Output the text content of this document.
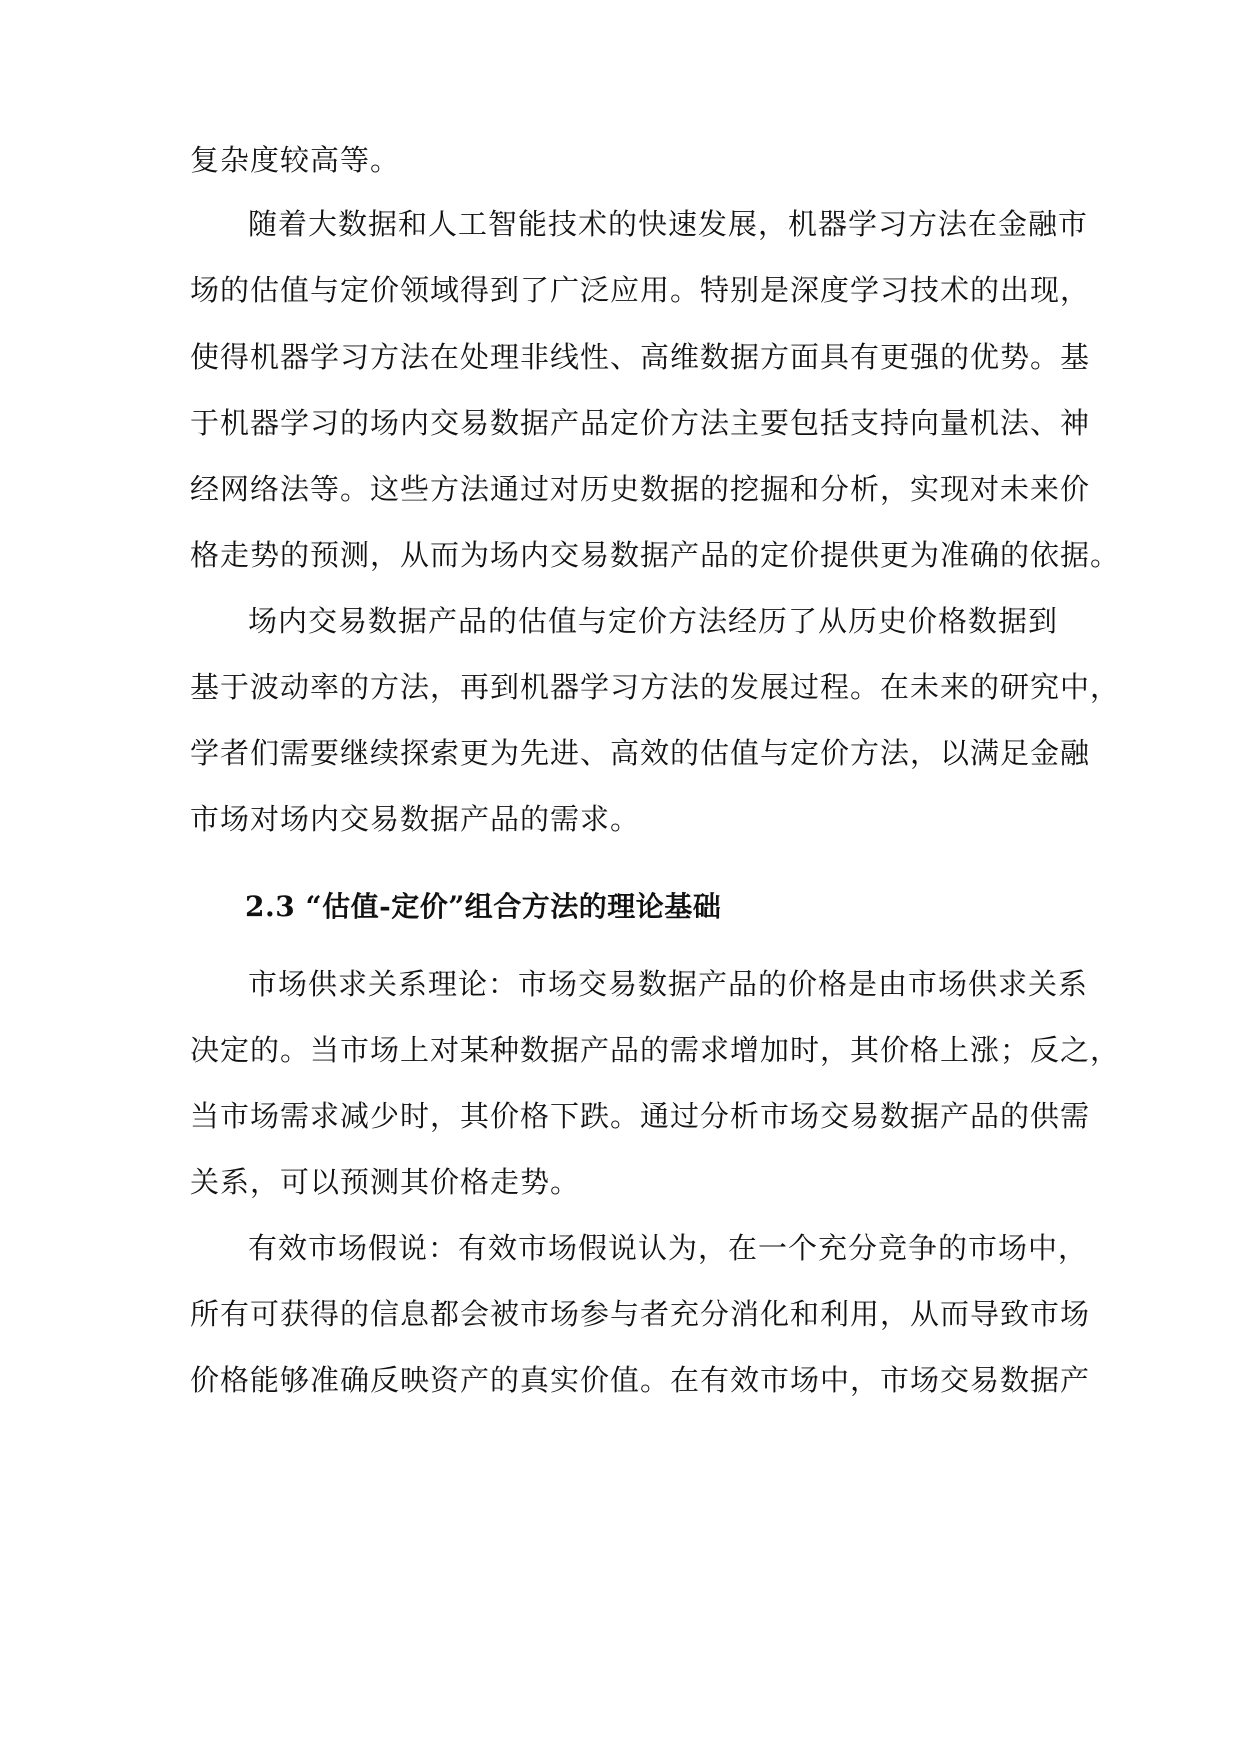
复杂度较高等。
随着大数据和人工智能技术的快速发展，机器学习方法在金融市
场的估值与定价领域得到了广泛应用。特别是深度学习技术的出现，
使得机器学习方法在处理非线性、高维数据方面具有更强的优势。基
于机器学习的场内交易数据产品定价方法主要包括支持向量机法、神
经网络法等。这些方法通过对历史数据的挖掘和分析，实现对未来价
格走势的预测，从而为场内交易数据产品的定价提供更为准确的依据。
场内交易数据产品的估值与定价方法经历了从历史价格数据到
基于波动率的方法，再到机器学习方法的发展过程。在未来的研究中，
学者们需要继续探索更为先进、高效的估值与定价方法，以满足金融
市场对场内交易数据产品的需求。
2.3 “估值-定价”组合方法的理论基础
市场供求关系理论：市场交易数据产品的价格是由市场供求关系
决定的。当市场上对某种数据产品的需求增加时，其价格上涨；反之，
当市场需求减少时，其价格下跌。通过分析市场交易数据产品的供需
关系，可以预测其价格走势。
有效市场假说：有效市场假说认为，在一个充分竞争的市场中，
所有可获得的信息都会被市场参与者充分消化和利用，从而导致市场
价格能够准确反映资产的真实价值。在有效市场中，市场交易数据产
